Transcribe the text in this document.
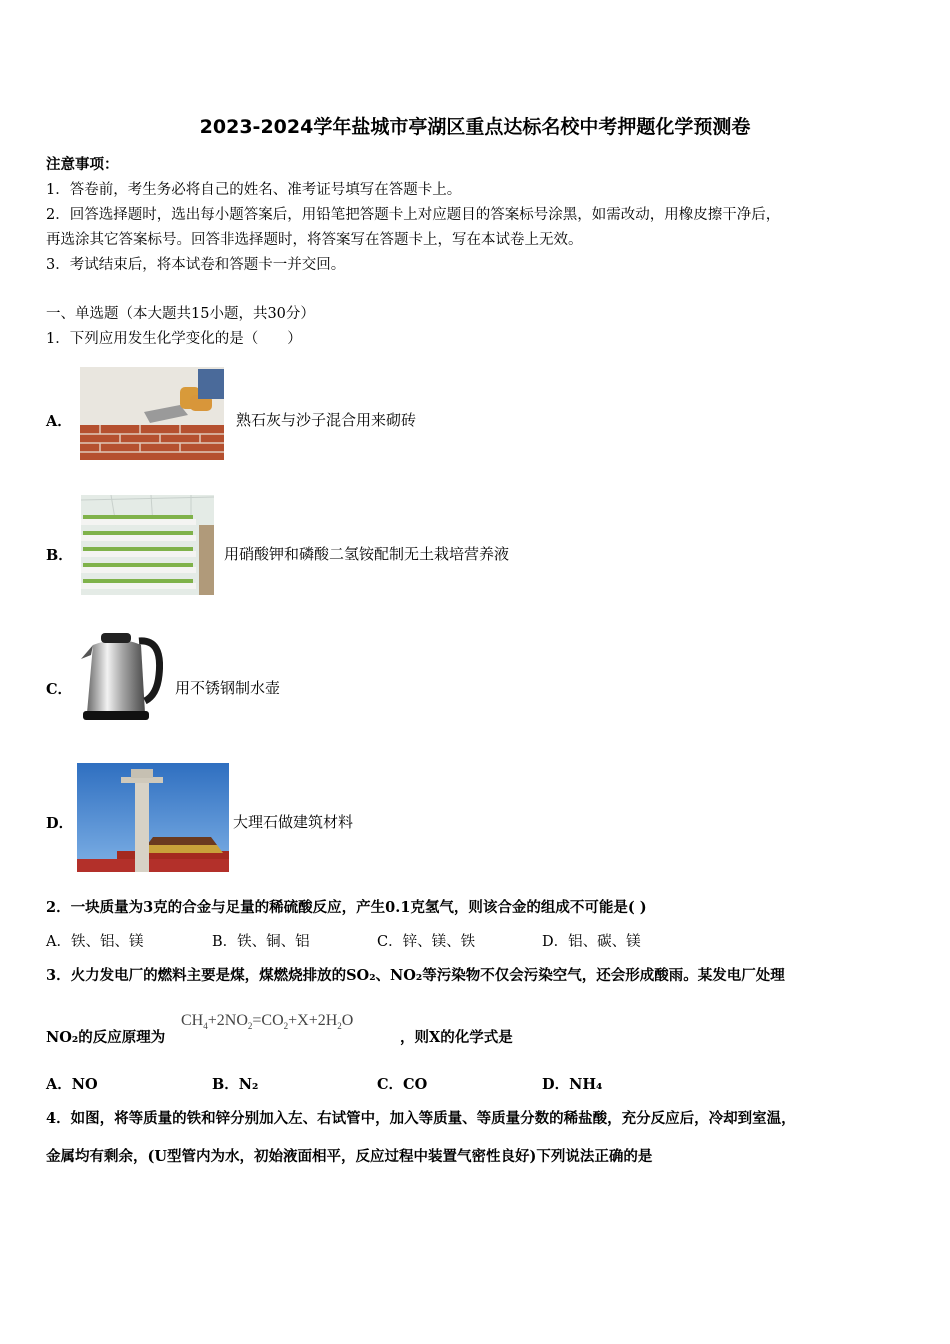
2023-2024学年盐城市亭湖区重点达标名校中考押题化学预测卷
注意事项：
1．答卷前，考生务必将自己的姓名、准考证号填写在答题卡上。
2．回答选择题时，选出每小题答案后，用铅笔把答题卡上对应题目的答案标号涂黑，如需改动，用橡皮擦干净后，
再选涂其它答案标号。回答非选择题时，将答案写在答题卡上，写在本试卷上无效。
3．考试结束后，将本试卷和答题卡一并交回。
一、单选题（本大题共15小题，共30分）
1．下列应用发生化学变化的是（　　）
A．	熟石灰与沙子混合用来砌砖
B．	用硝酸钾和磷酸二氢铵配制无土栽培营养液
C．	用不锈钢制水壶
D．	大理石做建筑材料
2．一块质量为3克的合金与足量的稀硫酸反应，产生0.1克氢气，则该合金的组成不可能是( )
A．铁、铝、镁	B．铁、铜、铝	C．锌、镁、铁	D．铝、碳、镁
3．火力发电厂的燃料主要是煤，煤燃烧排放的SO₂、NO₂等污染物不仅会污染空气，还会形成酸雨。某发电厂处理
NO₂的反应原理为
$CH_4+2NO_2=CO_2+X+2H_2O$
，则X的化学式是
A．NO	B．N₂	C．CO	D．NH₄
4．如图，将等质量的铁和锌分别加入左、右试管中，加入等质量、等质量分数的稀盐酸，充分反应后，冷却到室温，
金属均有剩余，(U型管内为水，初始液面相平，反应过程中装置气密性良好)下列说法正确的是
